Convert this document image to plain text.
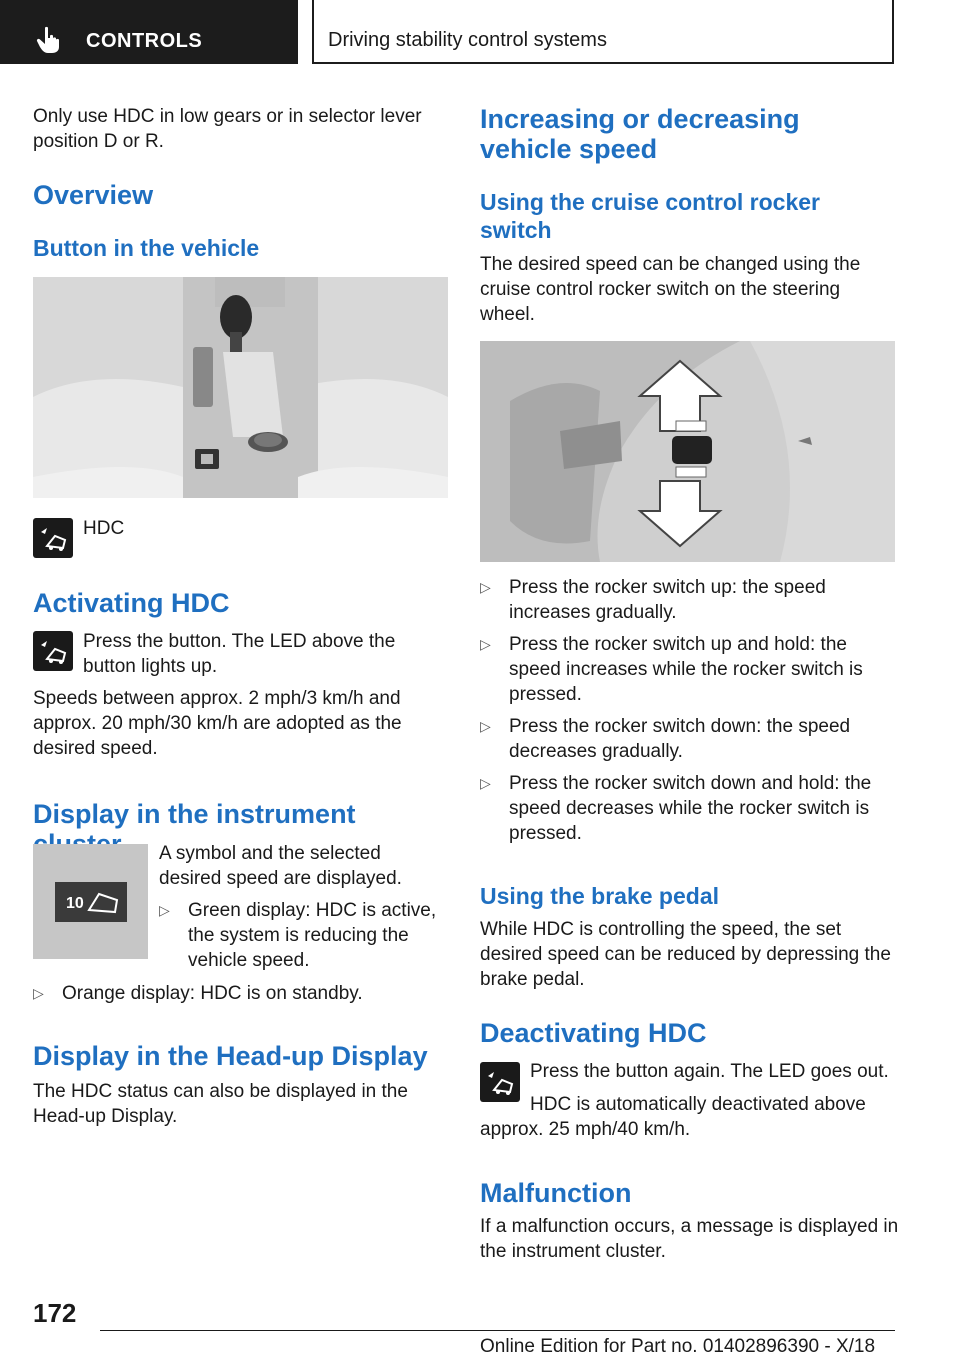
CONTROLS	Driving stability control systems

Only use HDC in low gears or in selector lever position D or R.

Overview
Button in the vehicle

HDC

Activating HDC

Press the button. The LED above the button lights up.

Speeds between approx. 2 mph/3 km/h and approx. 20 mph/30 km/h are adopted as the desired speed.

Display in the instrument
10

A symbol and the selected desired speed are displayed.

▷ Green display: HDC is active, the system is reducing the vehicle speed.
▷ Orange display: HDC is on standby.
Display in the Head-up Display

The HDC status can also be displayed in the Head-up Display.

Increasing or decreasing vehicle speed
Using the cruise control rocker switch

The desired speed can be changed using the cruise control rocker switch on the steering wheel.

▷ Press the rocker switch up: the speed increases gradually.
▷ Press the rocker switch up and hold: the speed increases while the rocker switch is pressed.
▷ Press the rocker switch down: the speed decreases gradually.
▷ Press the rocker switch down and hold: the speed decreases while the rocker switch is pressed.
Using the brake pedal

While HDC is controlling the speed, the set desired speed can be reduced by depressing the brake pedal.

Deactivating HDC

Press the button again. The LED goes out.

HDC is automatically deactivated above approx. 25 mph/40 km/h.

Malfunction

If a malfunction occurs, a message is displayed in the instrument cluster.

172
Online Edition for Part no. 01402896390 - X/18
